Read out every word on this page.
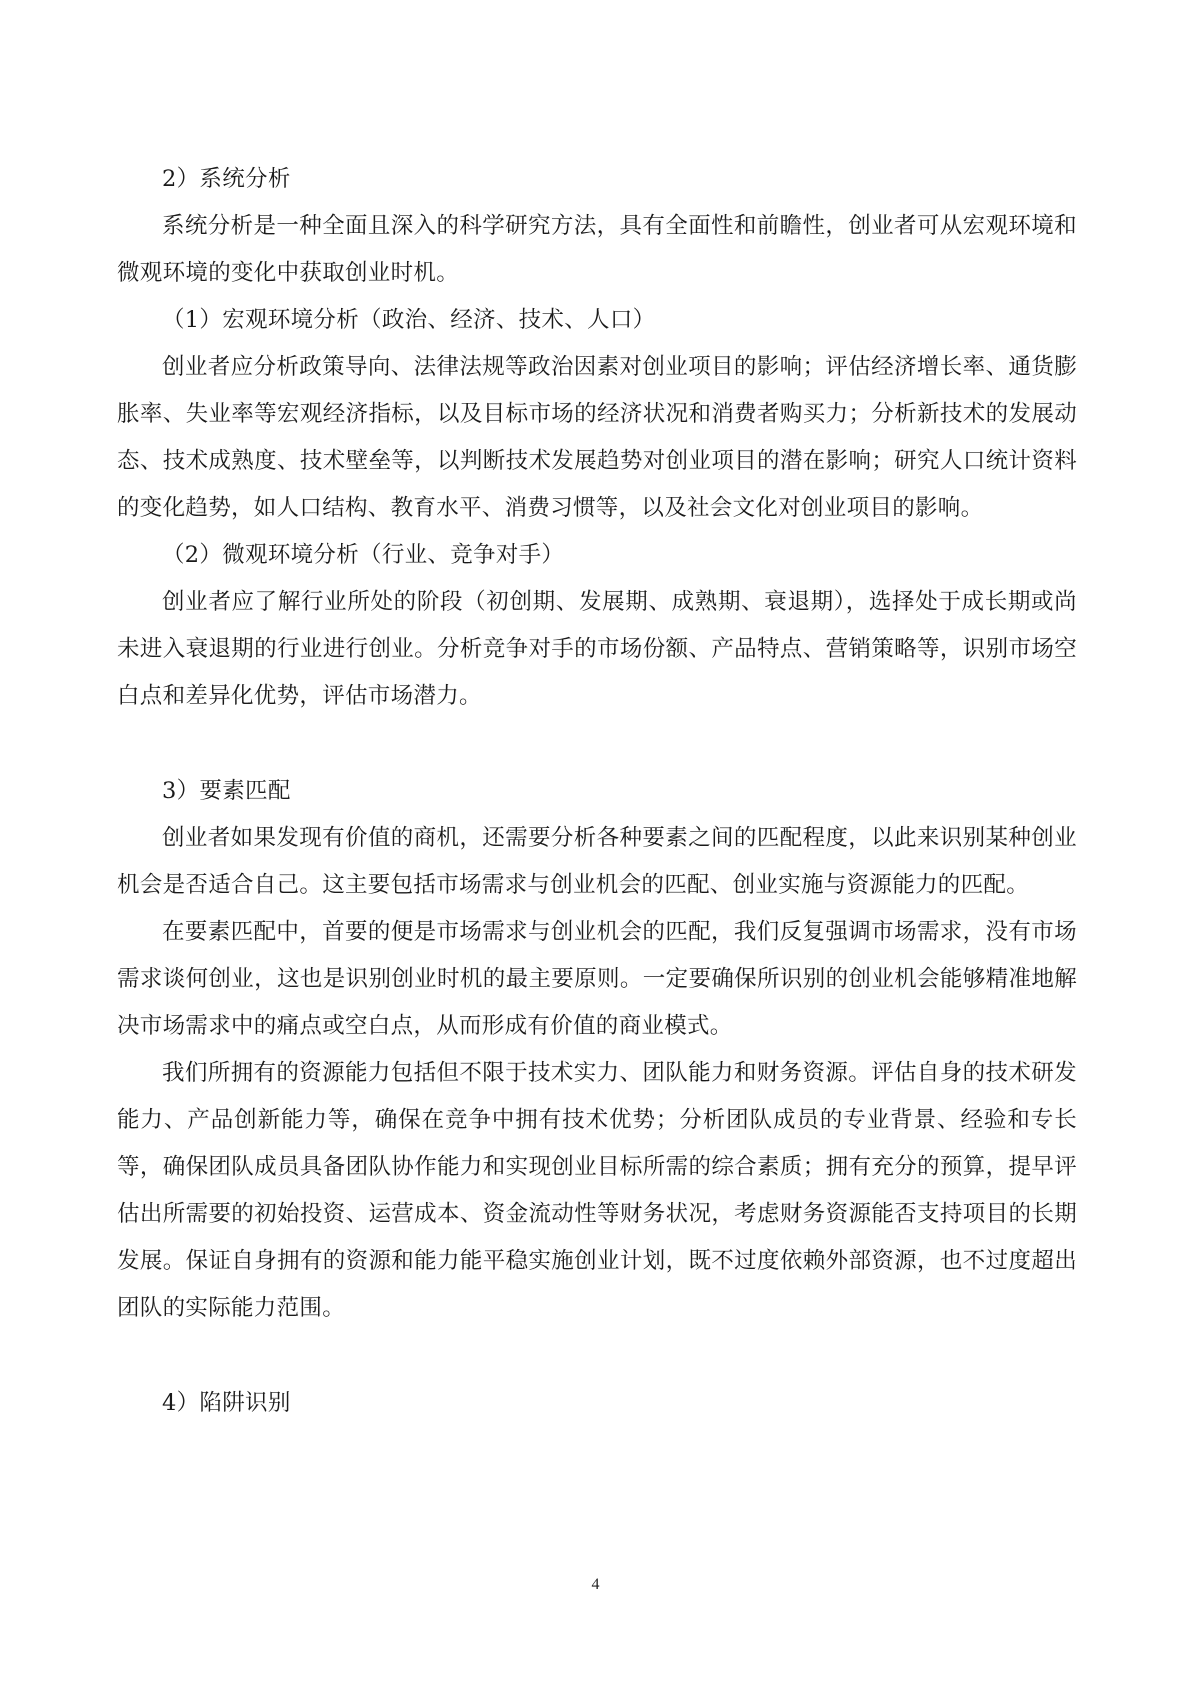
2）系统分析

系统分析是一种全面且深入的科学研究方法，具有全面性和前瞻性，创业者可从宏观环境和微观环境的变化中获取创业时机。

（1）宏观环境分析（政治、经济、技术、人口）

创业者应分析政策导向、法律法规等政治因素对创业项目的影响；评估经济增长率、通货膨胀率、失业率等宏观经济指标，以及目标市场的经济状况和消费者购买力；分析新技术的发展动态、技术成熟度、技术壁垒等，以判断技术发展趋势对创业项目的潜在影响；研究人口统计资料的变化趋势，如人口结构、教育水平、消费习惯等，以及社会文化对创业项目的影响。

（2）微观环境分析（行业、竞争对手）

创业者应了解行业所处的阶段（初创期、发展期、成熟期、衰退期），选择处于成长期或尚未进入衰退期的行业进行创业。分析竞争对手的市场份额、产品特点、营销策略等，识别市场空白点和差异化优势，评估市场潜力。

3）要素匹配

创业者如果发现有价值的商机，还需要分析各种要素之间的匹配程度，以此来识别某种创业机会是否适合自己。这主要包括市场需求与创业机会的匹配、创业实施与资源能力的匹配。

在要素匹配中，首要的便是市场需求与创业机会的匹配，我们反复强调市场需求，没有市场需求谈何创业，这也是识别创业时机的最主要原则。一定要确保所识别的创业机会能够精准地解决市场需求中的痛点或空白点，从而形成有价值的商业模式。

我们所拥有的资源能力包括但不限于技术实力、团队能力和财务资源。评估自身的技术研发能力、产品创新能力等，确保在竞争中拥有技术优势；分析团队成员的专业背景、经验和专长等，确保团队成员具备团队协作能力和实现创业目标所需的综合素质；拥有充分的预算，提早评估出所需要的初始投资、运营成本、资金流动性等财务状况，考虑财务资源能否支持项目的长期发展。保证自身拥有的资源和能力能平稳实施创业计划，既不过度依赖外部资源，也不过度超出团队的实际能力范围。

4）陷阱识别

4
